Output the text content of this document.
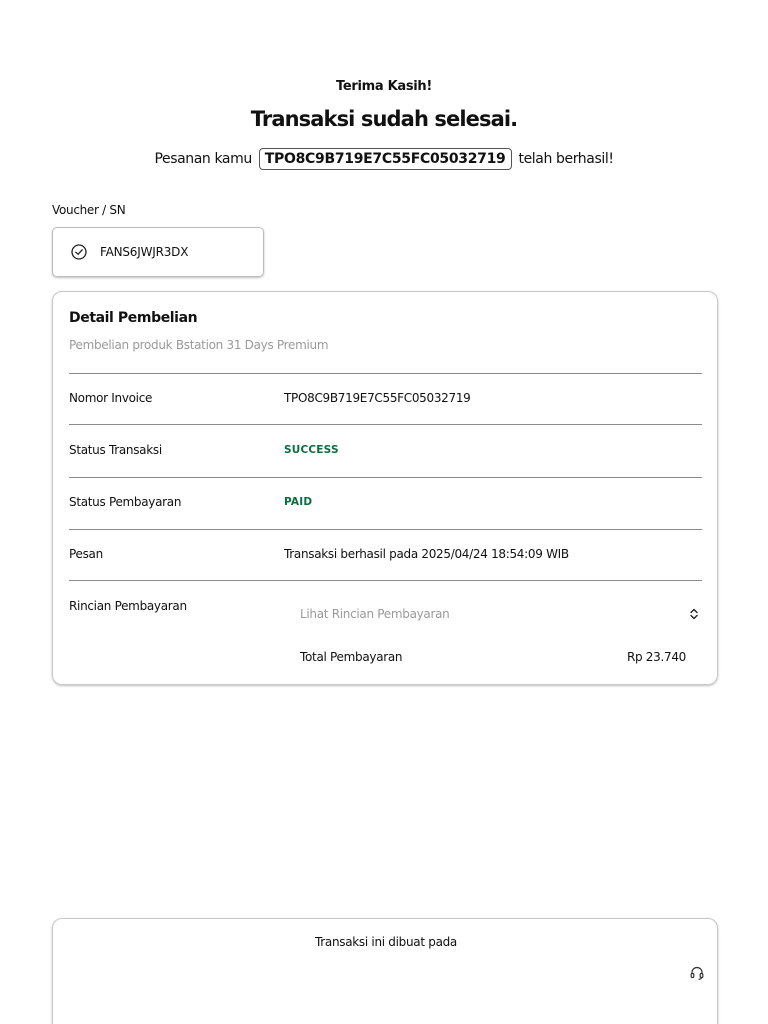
Terima Kasih!
Transaksi sudah selesai.
Pesanan kamu TPO8C9B719E7C55FC05032719 telah berhasil!
Voucher / SN
FANS6JWJR3DX
Detail Pembelian
Pembelian produk Bstation 31 Days Premium
Nomor Invoice	TPO8C9B719E7C55FC05032719
Status Transaksi	SUCCESS
Status Pembayaran	PAID
Pesan	Transaksi berhasil pada 2025/04/24 18:54:09 WIB
Rincian Pembayaran
Lihat Rincian Pembayaran
Total Pembayaran	Rp 23.740
Transaksi ini dibuat pada
